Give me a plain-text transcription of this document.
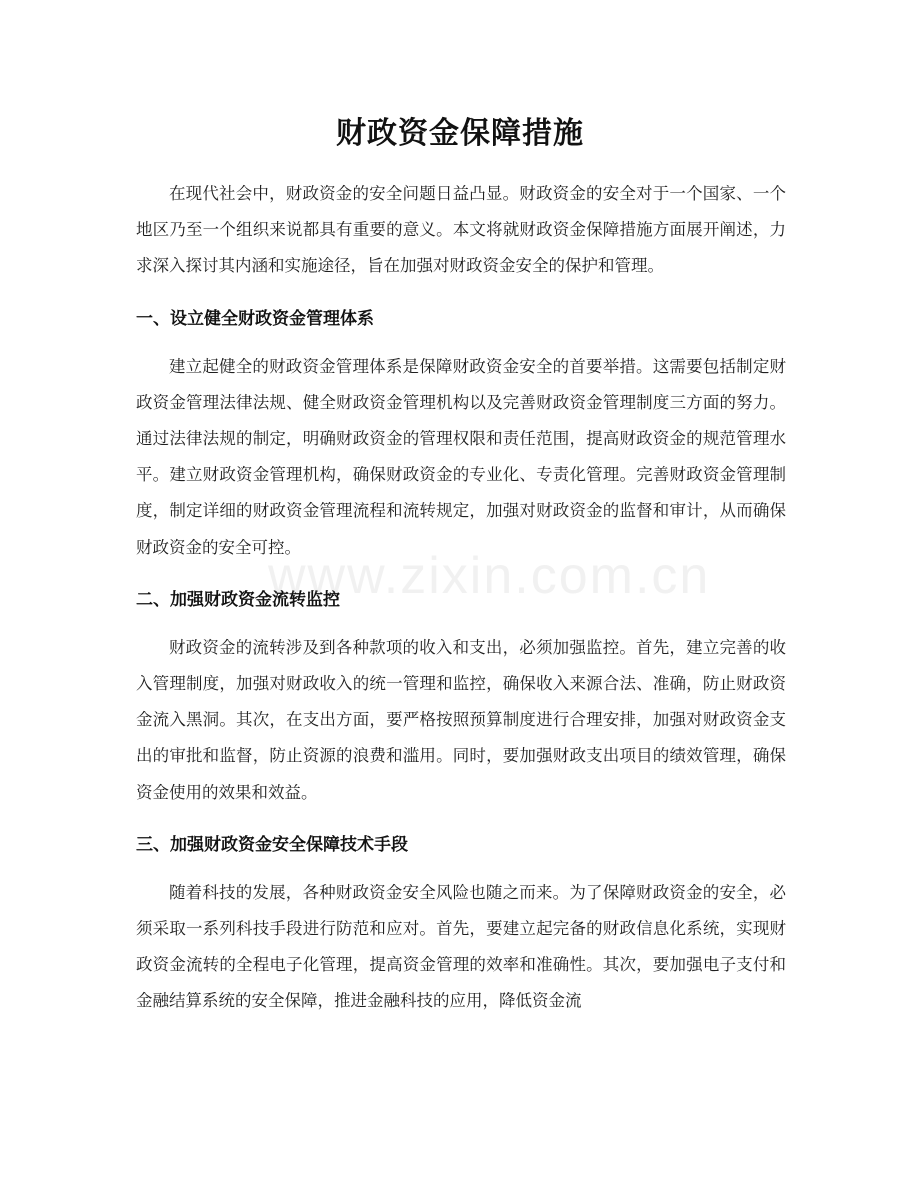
财政资金保障措施

在现代社会中，财政资金的安全问题日益凸显。财政资金的安全对于一个国家、一个地区乃至一个组织来说都具有重要的意义。本文将就财政资金保障措施方面展开阐述，力求深入探讨其内涵和实施途径，旨在加强对财政资金安全的保护和管理。

一、设立健全财政资金管理体系

建立起健全的财政资金管理体系是保障财政资金安全的首要举措。这需要包括制定财政资金管理法律法规、健全财政资金管理机构以及完善财政资金管理制度三方面的努力。通过法律法规的制定，明确财政资金的管理权限和责任范围，提高财政资金的规范管理水平。建立财政资金管理机构，确保财政资金的专业化、专责化管理。完善财政资金管理制度，制定详细的财政资金管理流程和流转规定，加强对财政资金的监督和审计，从而确保财政资金的安全可控。

二、加强财政资金流转监控

财政资金的流转涉及到各种款项的收入和支出，必须加强监控。首先，建立完善的收入管理制度，加强对财政收入的统一管理和监控，确保收入来源合法、准确，防止财政资金流入黑洞。其次，在支出方面，要严格按照预算制度进行合理安排，加强对财政资金支出的审批和监督，防止资源的浪费和滥用。同时，要加强财政支出项目的绩效管理，确保资金使用的效果和效益。

三、加强财政资金安全保障技术手段

随着科技的发展，各种财政资金安全风险也随之而来。为了保障财政资金的安全，必须采取一系列科技手段进行防范和应对。首先，要建立起完备的财政信息化系统，实现财政资金流转的全程电子化管理，提高资金管理的效率和准确性。其次，要加强电子支付和金融结算系统的安全保障，推进金融科技的应用，降低资金流

www.zixin.com.cn
